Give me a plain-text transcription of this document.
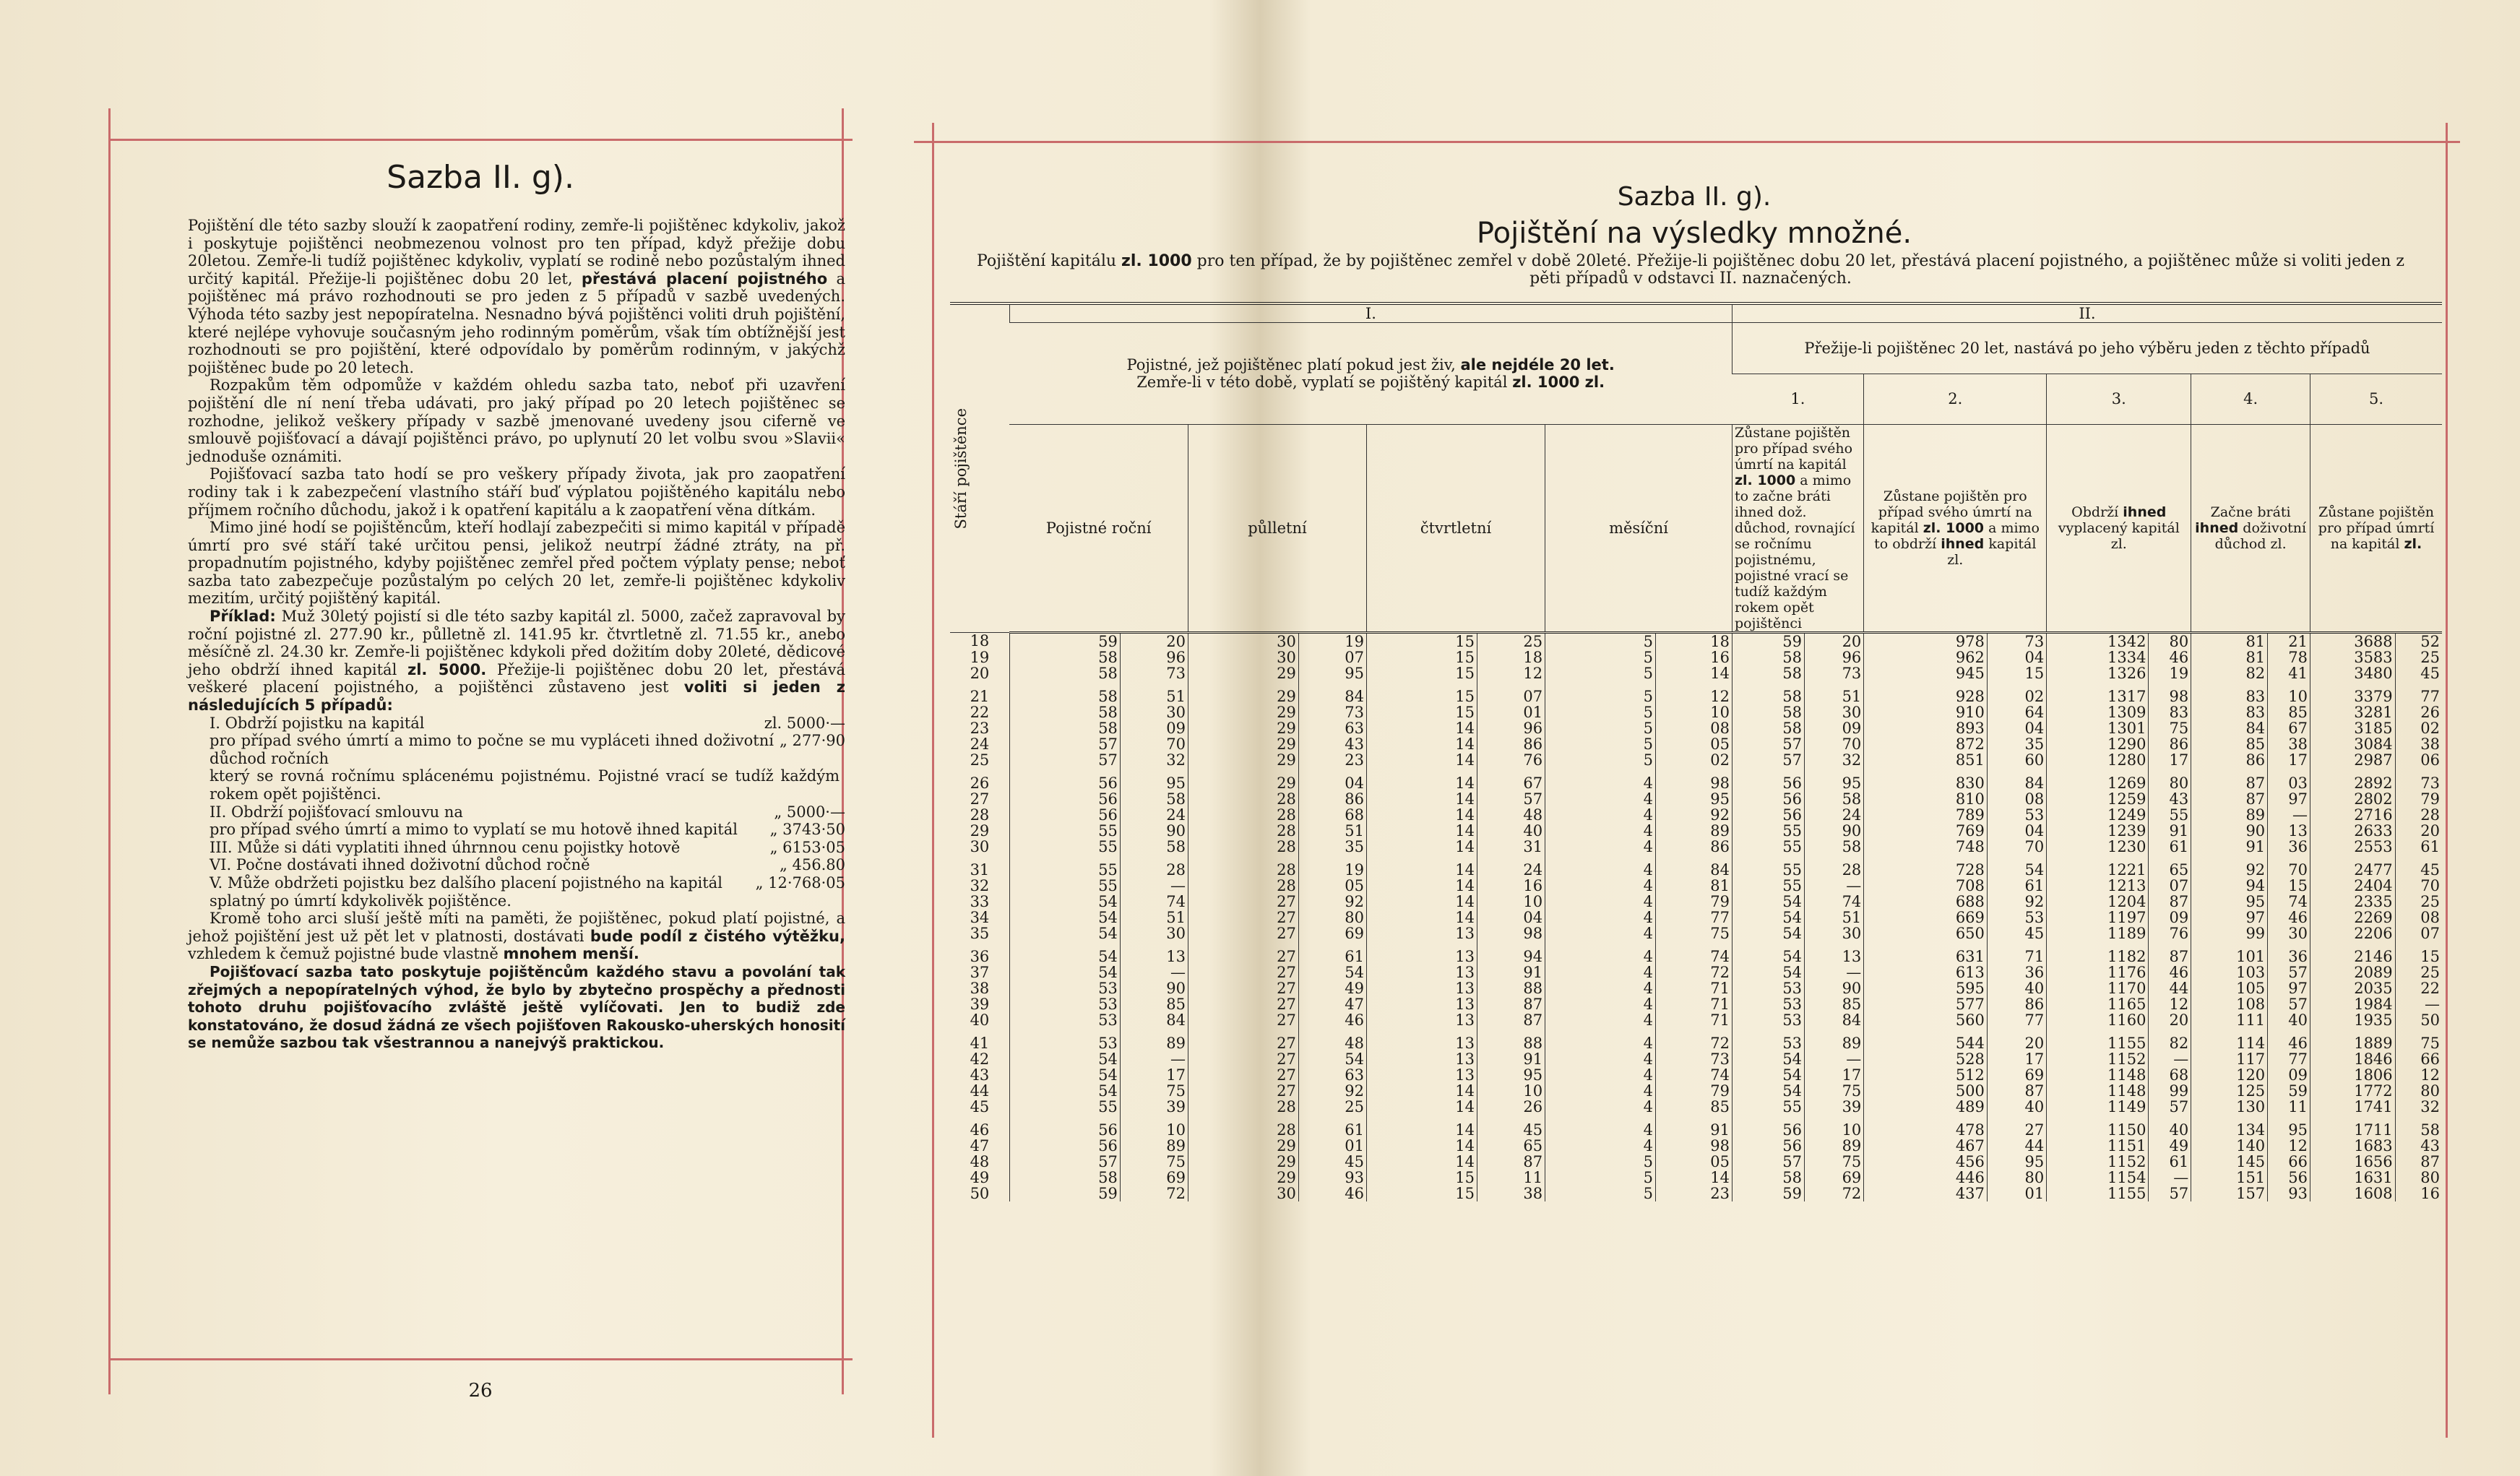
Sazba II. g).

Pojištění dle této sazby slouží k zaopatření rodiny, zemře-li pojištěnec kdykoliv, jakož i poskytuje pojištěnci neobmezenou volnost pro ten případ, když přežije dobu 20letou. Zemře-li tudíž pojištěnec kdykoliv, vyplatí se rodině nebo pozůstalým ihned určitý kapitál. Přežije-li pojištěnec dobu 20 let, přestává placení pojistného a pojištěnec má právo rozhodnouti se pro jeden z 5 případů v sazbě uvedených. Výhoda této sazby jest nepopíratelna. Nesnadno bývá pojištěnci voliti druh pojištění, které nejlépe vyhovuje současným jeho rodinným poměrům, však tím obtížnější jest rozhodnouti se pro pojištění, které odpovídalo by poměrům rodinným, v jakýchž pojištěnec bude po 20 letech.

Rozpakům těm odpomůže v každém ohledu sazba tato, neboť při uzavření pojištění dle ní není třeba udávati, pro jaký případ po 20 letech pojištěnec se rozhodne, jelikož veškery případy v sazbě jmenované uvedeny jsou ciferně ve smlouvě pojišťovací a dávají pojištěnci právo, po uplynutí 20 let volbu svou »Slavii« jednoduše oznámiti.

Pojišťovací sazba tato hodí se pro veškery případy života, jak pro zaopatření rodiny tak i k zabezpečení vlastního stáří buď výplatou pojištěného kapitálu nebo příjmem ročního důchodu, jakož i k opatření kapitálu a k zaopatření věna dítkám.

Mimo jiné hodí se pojištěncům, kteří hodlají zabezpečiti si mimo kapitál v případě úmrtí pro své stáří také určitou pensi, jelikož neutrpí žádné ztráty, na př. propadnutím pojistného, kdyby pojištěnec zemřel před počtem výplaty pense; neboť sazba tato zabezpečuje pozůstalým po celých 20 let, zemře-li pojištěnec kdykoliv mezitím, určitý pojištěný kapitál.

Příklad: Muž 30letý pojistí si dle této sazby kapitál zl. 5000, začež zapravoval by roční pojistné zl. 277.90 kr., půlletně zl. 141.95 kr. čtvrtletně zl. 71.55 kr., anebo měsíčně zl. 24.30 kr. Zemře-li pojištěnec kdykoli před dožitím doby 20leté, dědicové jeho obdrží ihned kapitál zl. 5000. Přežije-li pojištěnec dobu 20 let, přestává veškeré placení pojistného, a pojištěnci zůstaveno jest voliti si jeden z následujících 5 případů:

I. Obdrží pojistku na kapitál	zl. 5000·—
pro případ svého úmrtí a mimo to počne se mu vypláceti ihned doživotní důchod ročních
„ 277·90
který se rovná ročnímu splácenému pojistnému. Pojistné vrací se tudíž každým rokem opět pojištěnci.
II. Obdrží pojišťovací smlouvu na	„ 5000·—
pro případ svého úmrtí a mimo to vyplatí se mu hotově ihned kapitál	„ 3743·50
III. Může si dáti vyplatiti ihned úhrnnou cenu pojistky hotově	„ 6153·05
VI. Počne dostávati ihned doživotní důchod ročně	„ 456.80
V. Může obdržeti pojistku bez dalšího placení pojistného na kapitál	„ 12·768·05
splatný po úmrtí kdykolivěk pojištěnce.

Kromě toho arci sluší ještě míti na paměti, že pojištěnec, pokud platí pojistné, a jehož pojištění jest už pět let v platnosti, dostávati bude podíl z čistého výtěžku, vzhledem k čemuž pojistné bude vlastně mnohem menší.

Pojišťovací sazba tato poskytuje pojištěncům každého stavu a povolání tak zřejmých a nepopíratelných výhod, že bylo by zbytečno prospěchy a přednosti tohoto druhu pojišťovacího zvláště ještě vylíčovati. Jen to budiž zde konstatováno, že dosud žádná ze všech pojišťoven Rakousko-uherských honosití se nemůže sazbou tak všestrannou a nanejvýš praktickou.

26
Sazba II. g).
Pojištění na výsledky množné.
Pojištění kapitálu zl. 1000 pro ten případ, že by pojištěnec zemřel v době 20leté. Přežije-li pojištěnec dobu 20 let, přestává placení pojistného, a pojištěnec může si voliti jeden z pěti případů v odstavci II. naznačených.
Stáří pojištěnce	I.								II.									
	Pojistné, jež pojištěnec platí pokud jest živ, ale nejdéle 20 let.
Zemře-li v této době, vyplatí se pojištěný kapitál zl. 1000 zl.								Přežije-li pojištěnec 20 let, nastává po jeho výběru jeden z těchto případů									
									1.		2.		3.		4.		5.	
	Pojistné roční		půlletní		čtvrtletní		měsíční		Zůstane pojištěn pro případ svého úmrtí na kapitál zl. 1000 a mimo to začne bráti ihned dož. důchod, rovnající se ročnímu pojistnému, pojistné vrací se tudíž každým rokem opět pojištěnci		Zůstane pojištěn pro případ svého úmrtí na kapitál zl. 1000 a mimo to obdrží ihned kapitál zl.		Obdrží ihned vyplacený kapitál zl.		Začne bráti ihned doživotní důchod zl.		Zůstane pojištěn pro případ úmrtí na kapitál zl.	
18	59	20	30	19	15	25	5	18	59	20	978	73	1342	80	81	21	3688	52
19	58	96	30	07	15	18	5	16	58	96	962	04	1334	46	81	78	3583	25
20	58	73	29	95	15	12	5	14	58	73	945	15	1326	19	82	41	3480	45

21	58	51	29	84	15	07	5	12	58	51	928	02	1317	98	83	10	3379	77
22	58	30	29	73	15	01	5	10	58	30	910	64	1309	83	83	85	3281	26
23	58	09	29	63	14	96	5	08	58	09	893	04	1301	75	84	67	3185	02
24	57	70	29	43	14	86	5	05	57	70	872	35	1290	86	85	38	3084	38
25	57	32	29	23	14	76	5	02	57	32	851	60	1280	17	86	17	2987	06

26	56	95	29	04	14	67	4	98	56	95	830	84	1269	80	87	03	2892	73
27	56	58	28	86	14	57	4	95	56	58	810	08	1259	43	87	97	2802	79
28	56	24	28	68	14	48	4	92	56	24	789	53	1249	55	89	—	2716	28
29	55	90	28	51	14	40	4	89	55	90	769	04	1239	91	90	13	2633	20
30	55	58	28	35	14	31	4	86	55	58	748	70	1230	61	91	36	2553	61

31	55	28	28	19	14	24	4	84	55	28	728	54	1221	65	92	70	2477	45
32	55	—	28	05	14	16	4	81	55	—	708	61	1213	07	94	15	2404	70
33	54	74	27	92	14	10	4	79	54	74	688	92	1204	87	95	74	2335	25
34	54	51	27	80	14	04	4	77	54	51	669	53	1197	09	97	46	2269	08
35	54	30	27	69	13	98	4	75	54	30	650	45	1189	76	99	30	2206	07

36	54	13	27	61	13	94	4	74	54	13	631	71	1182	87	101	36	2146	15
37	54	—	27	54	13	91	4	72	54	—	613	36	1176	46	103	57	2089	25
38	53	90	27	49	13	88	4	71	53	90	595	40	1170	44	105	97	2035	22
39	53	85	27	47	13	87	4	71	53	85	577	86	1165	12	108	57	1984	—
40	53	84	27	46	13	87	4	71	53	84	560	77	1160	20	111	40	1935	50

41	53	89	27	48	13	88	4	72	53	89	544	20	1155	82	114	46	1889	75
42	54	—	27	54	13	91	4	73	54	—	528	17	1152	—	117	77	1846	66
43	54	17	27	63	13	95	4	74	54	17	512	69	1148	68	120	09	1806	12
44	54	75	27	92	14	10	4	79	54	75	500	87	1148	99	125	59	1772	80
45	55	39	28	25	14	26	4	85	55	39	489	40	1149	57	130	11	1741	32

46	56	10	28	61	14	45	4	91	56	10	478	27	1150	40	134	95	1711	58
47	56	89	29	01	14	65	4	98	56	89	467	44	1151	49	140	12	1683	43
48	57	75	29	45	14	87	5	05	57	75	456	95	1152	61	145	66	1656	87
49	58	69	29	93	15	11	5	14	58	69	446	80	1154	—	151	56	1631	80
50	59	72	30	46	15	38	5	23	59	72	437	01	1155	57	157	93	1608	16
